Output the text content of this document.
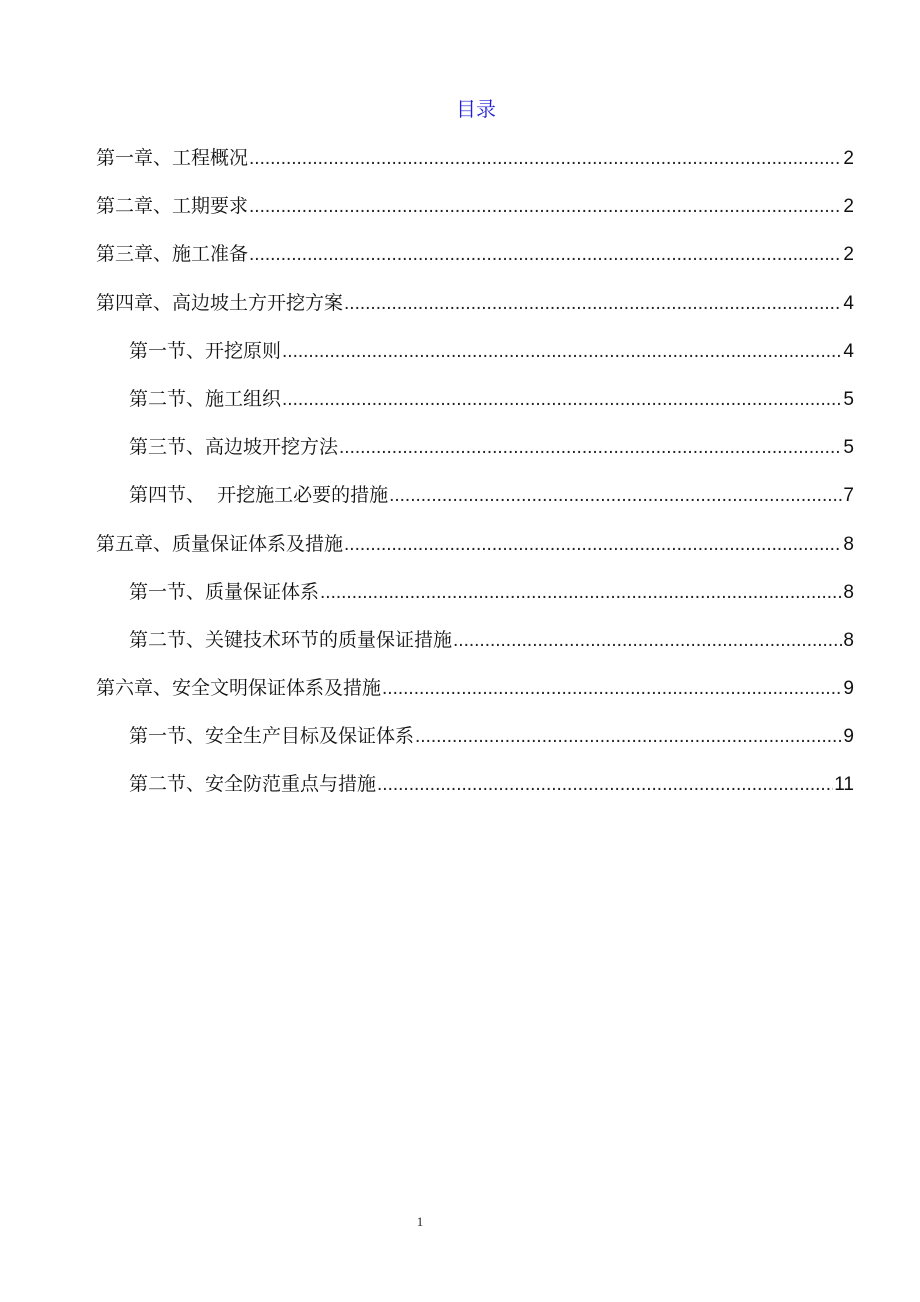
目录
第一章、工程概况 .....	2
第二章、工期要求 .....	2
第三章、施工准备 .....	2
第四章、高边坡土方开挖方案 .....	4
第一节、开挖原则 .....	4
第二节、施工组织 .....	5
第三节、高边坡开挖方法 .....	5
第四节、  开挖施工必要的措施 .....	7
第五章、质量保证体系及措施 .....	8
第一节、质量保证体系 .....	8
第二节、关键技术环节的质量保证措施 .....	8
第六章、安全文明保证体系及措施 .....	9
第一节、安全生产目标及保证体系 .....	9
第二节、安全防范重点与措施 .....	11
1
